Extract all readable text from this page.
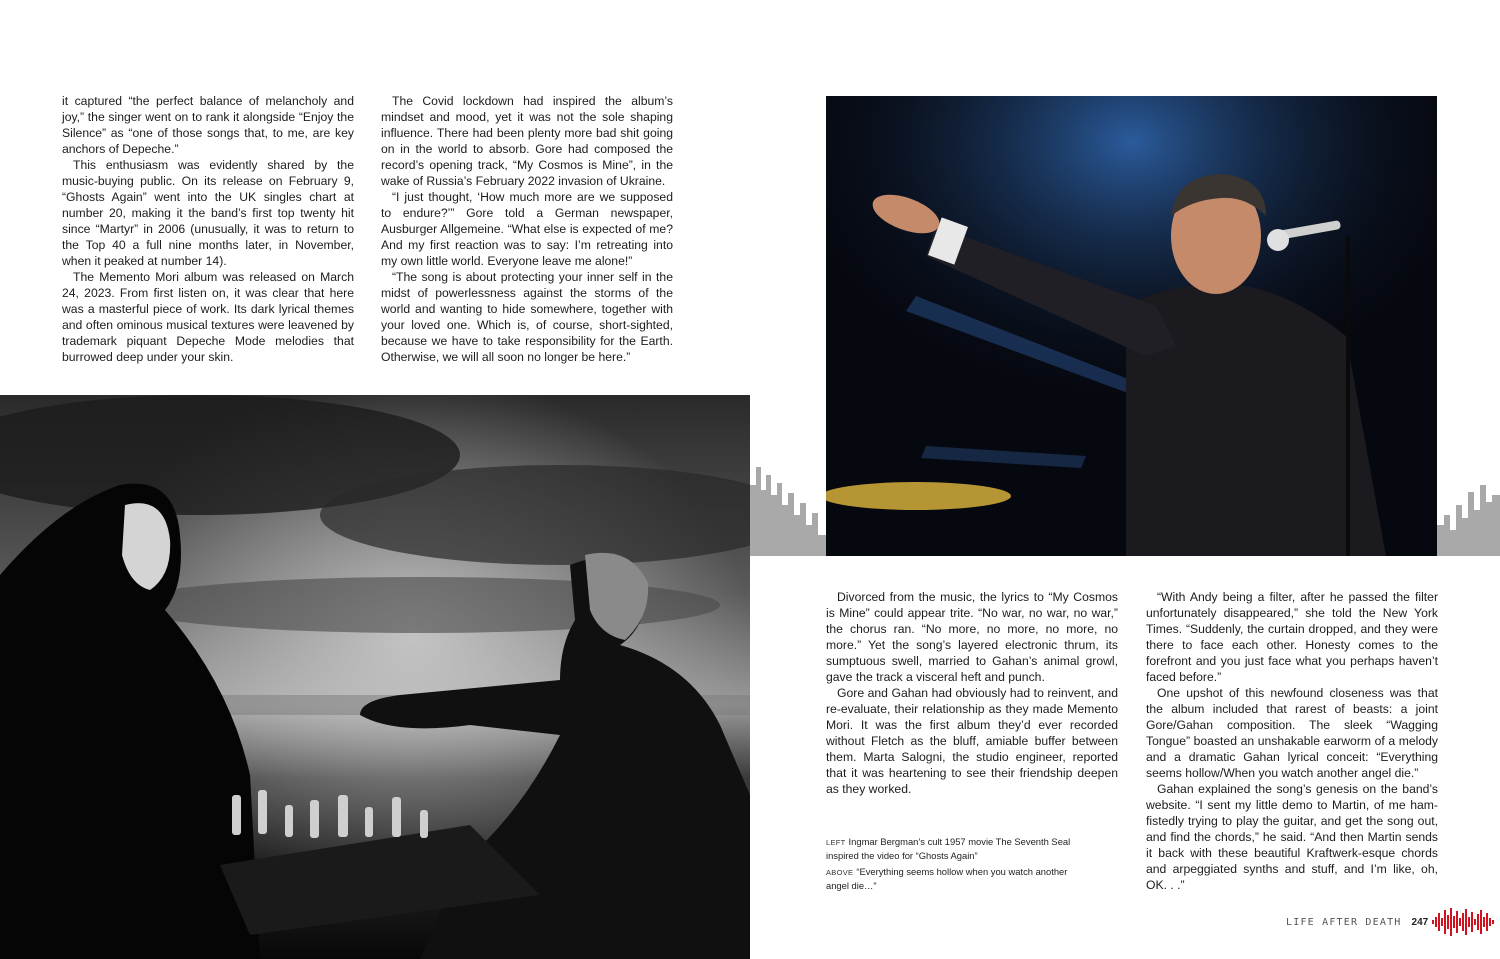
it captured “the perfect balance of melancholy and joy,” the singer went on to rank it alongside “Enjoy the Silence” as “one of those songs that, to me, are key anchors of Depeche.”

This enthusiasm was evidently shared by the music-buying public. On its release on February 9, “Ghosts Again” went into the UK singles chart at number 20, making it the band’s first top twenty hit since “Martyr” in 2006 (unusually, it was to return to the Top 40 a full nine months later, in November, when it peaked at number 14).

The Memento Mori album was released on March 24, 2023. From first listen on, it was clear that here was a masterful piece of work. Its dark lyrical themes and often ominous musical textures were leavened by trademark piquant Depeche Mode melodies that burrowed deep under your skin.

The Covid lockdown had inspired the album’s mindset and mood, yet it was not the sole shaping influence. There had been plenty more bad shit going on in the world to absorb. Gore had composed the record’s opening track, “My Cosmos is Mine”, in the wake of Russia’s February 2022 invasion of Ukraine.

“I just thought, ‘How much more are we supposed to endure?’” Gore told a German newspaper, Ausburger Allgemeine. “What else is expected of me? And my first reaction was to say: I’m retreating into my own little world. Everyone leave me alone!”

“The song is about protecting your inner self in the midst of powerlessness against the storms of the world and wanting to hide somewhere, together with your loved one. Which is, of course, short-sighted, because we have to take responsibility for the Earth. Otherwise, we will all soon no longer be here.”

Divorced from the music, the lyrics to “My Cosmos is Mine” could appear trite. “No war, no war, no war,” the chorus ran. “No more, no more, no more, no more.” Yet the song’s layered electronic thrum, its sumptuous swell, married to Gahan’s animal growl, gave the track a visceral heft and punch.

Gore and Gahan had obviously had to reinvent, and re-evaluate, their relationship as they made Memento Mori. It was the first album they’d ever recorded without Fletch as the bluff, amiable buffer between them. Marta Salogni, the studio engineer, reported that it was heartening to see their friendship deepen as they worked.

“With Andy being a filter, after he passed the filter unfortunately disappeared,” she told the New York Times. “Suddenly, the curtain dropped, and they were there to face each other. Honesty comes to the forefront and you just face what you perhaps haven’t faced before.”

One upshot of this newfound closeness was that the album included that rarest of beasts: a joint Gore/Gahan composition. The sleek “Wagging Tongue” boasted an unshakable earworm of a melody and a dramatic Gahan lyrical conceit: “Everything seems hollow/When you watch another angel die.”

Gahan explained the song’s genesis on the band’s website. “I sent my little demo to Martin, of me ham-fistedly trying to play the guitar, and get the song out, and find the chords,” he said. “And then Martin sends it back with these beautiful Kraftwerk-esque chords and arpeggiated synths and stuff, and I’m like, oh, OK. . .”

LEFT Ingmar Bergman’s cult 1957 movie The Seventh Seal inspired the video for “Ghosts Again”

ABOVE “Everything seems hollow when you watch another angel die…”

LIFE AFTER DEATH 247
